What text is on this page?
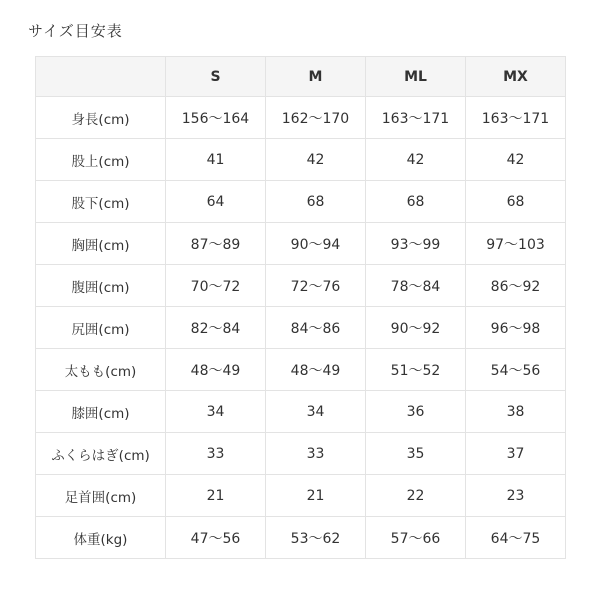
サイズ目安表
	S	M	ML	MX
身長(cm)	156〜164	162〜170	163〜171	163〜171
股上(cm)	41	42	42	42
股下(cm)	64	68	68	68
胸囲(cm)	87〜89	90〜94	93〜99	97〜103
腹囲(cm)	70〜72	72〜76	78〜84	86〜92
尻囲(cm)	82〜84	84〜86	90〜92	96〜98
太もも(cm)	48〜49	48〜49	51〜52	54〜56
膝囲(cm)	34	34	36	38
ふくらはぎ(cm)	33	33	35	37
足首囲(cm)	21	21	22	23
体重(kg)	47〜56	53〜62	57〜66	64〜75
